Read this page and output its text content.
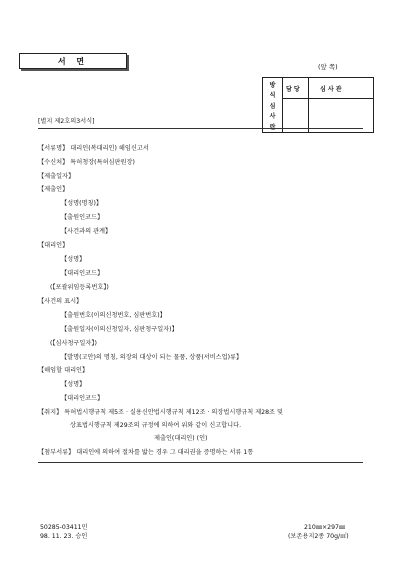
서 면
(앞 쪽)
방
식
심
사
란
담 당	심 사 관
[별지 제2호의3서식]
【서류명】 대리인(복대리인) 해임신고서
【수신처】 특허청장(특허심판원장)
【제출일자】
【제출인】
【성명(명칭)】
【출원인코드】
【사건과의 관계】
【대리인】
【성명】
【대리인코드】
(【포괄위임등록번호】)
【사건의 표시】
【출원번호(이의신청번호, 심판번호)】
【출원일자(이의신청일자, 심판청구일자)】
(【심사청구일자】)
【발명(고안)의 명칭, 의장의 대상이 되는 물품, 상품(서비스업)류】
【해임할 대리인】
【성명】
【대리인코드】
【취지】 특허법시행규칙 제5조 · 실용신안법시행규칙 제12조 · 의장법시행규칙 제28조 및
상표법시행규칙 제29조의 규정에 의하여 위와 같이 신고합니다.
제출인(대리인) (인)
【첨부서류】 대리인에 의하여 절차를 밟는 경우 그 대리권을 증명하는 서류 1통
50285-03411민
98. 11. 23. 승인
210㎜×297㎜
(보존용지2종 70g/㎡)
